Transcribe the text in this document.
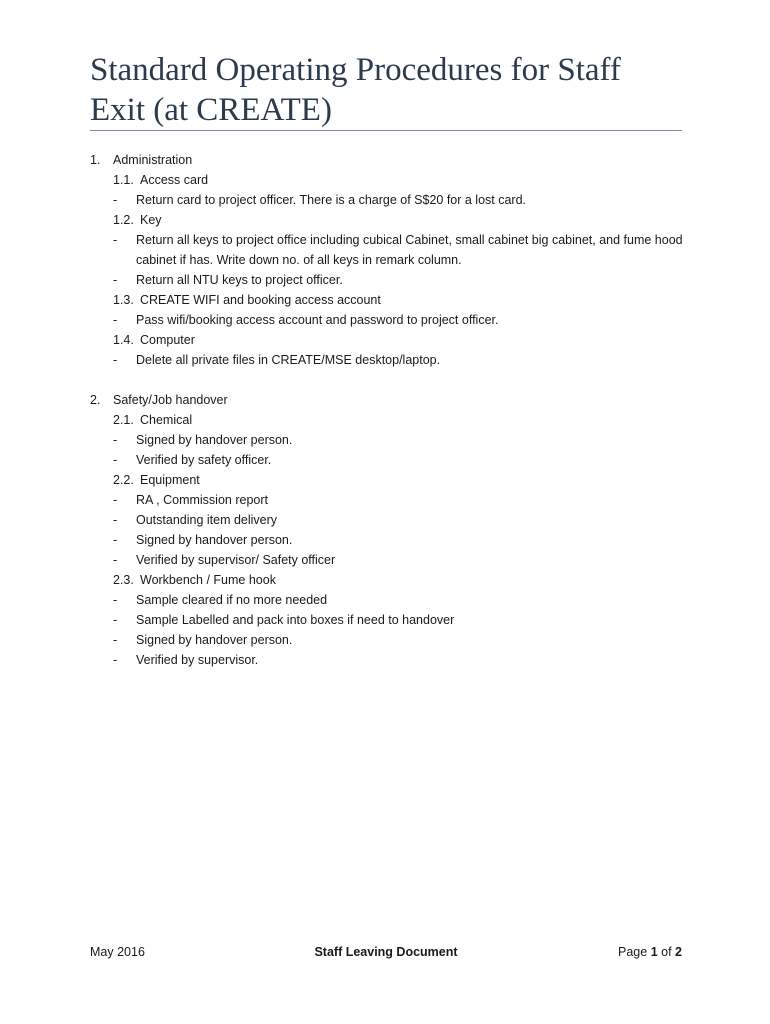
Standard Operating Procedures for Staff
Exit (at CREATE)
1. Administration
1.1. Access card
- Return card to project officer. There is a charge of S$20 for a lost card.
1.2. Key
- Return all keys to project office including cubical Cabinet, small cabinet big cabinet, and fume hood cabinet if has. Write down no. of all keys in remark column.
- Return all NTU keys to project officer.
1.3. CREATE WIFI and booking access account
- Pass wifi/booking access account and password to project officer.
1.4. Computer
- Delete all private files in CREATE/MSE desktop/laptop.
2. Safety/Job handover
2.1. Chemical
- Signed by handover person.
- Verified by safety officer.
2.2. Equipment
- RA , Commission report
- Outstanding item delivery
- Signed by handover person.
- Verified by supervisor/ Safety officer
2.3. Workbench / Fume hook
- Sample cleared if no more needed
- Sample Labelled and pack into boxes if need to handover
- Signed by handover person.
- Verified by supervisor.
May 2016	Staff Leaving Document	Page 1 of 2
